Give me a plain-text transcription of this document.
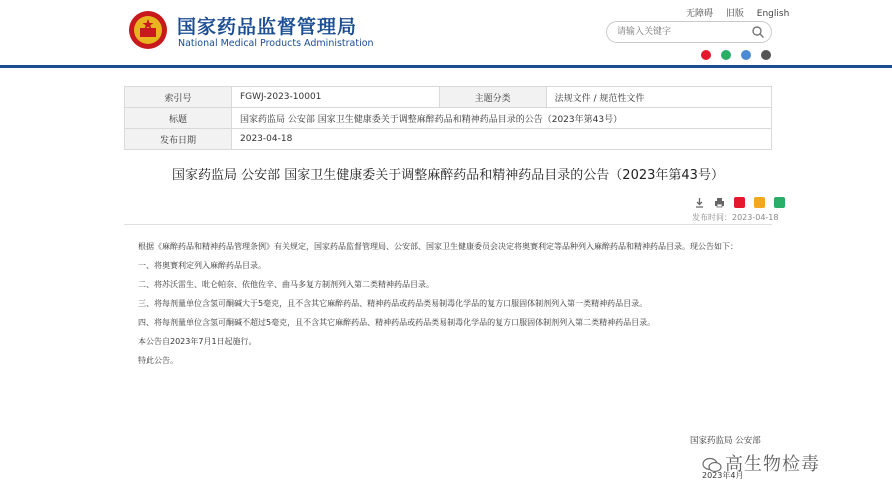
国家药品监督管理局
National Medical Products Administration
无障碍 旧版 English
请输入关键字

索引号	FGWJ-2023-10001	主题分类	法规文件 / 规范性文件
标题	国家药监局 公安部 国家卫生健康委关于调整麻醉药品和精神药品目录的公告（2023年第43号）		
发布日期	2023-04-18		
国家药监局 公安部 国家卫生健康委关于调整麻醉药品和精神药品目录的公告（2023年第43号）

发布时间：2023-04-18

根据《麻醉药品和精神药品管理条例》有关规定，国家药品监督管理局、公安部、国家卫生健康委员会决定将奥赛利定等品种列入麻醉药品和精神药品目录。现公告如下：

一、将奥赛利定列入麻醉药品目录。

二、将苏沃雷生、吡仑帕奈、依他佐辛、曲马多复方制剂列入第二类精神药品目录。

三、将每剂量单位含氢可酮碱大于5毫克，且不含其它麻醉药品、精神药品或药品类易制毒化学品的复方口服固体制剂列入第一类精神药品目录。

四、将每剂量单位含氢可酮碱不超过5毫克，且不含其它麻醉药品、精神药品或药品类易制毒化学品的复方口服固体制剂列入第二类精神药品目录。

本公告自2023年7月1日起施行。

特此公告。

国家药监局 公安部
高生物检毒
2023年4月
